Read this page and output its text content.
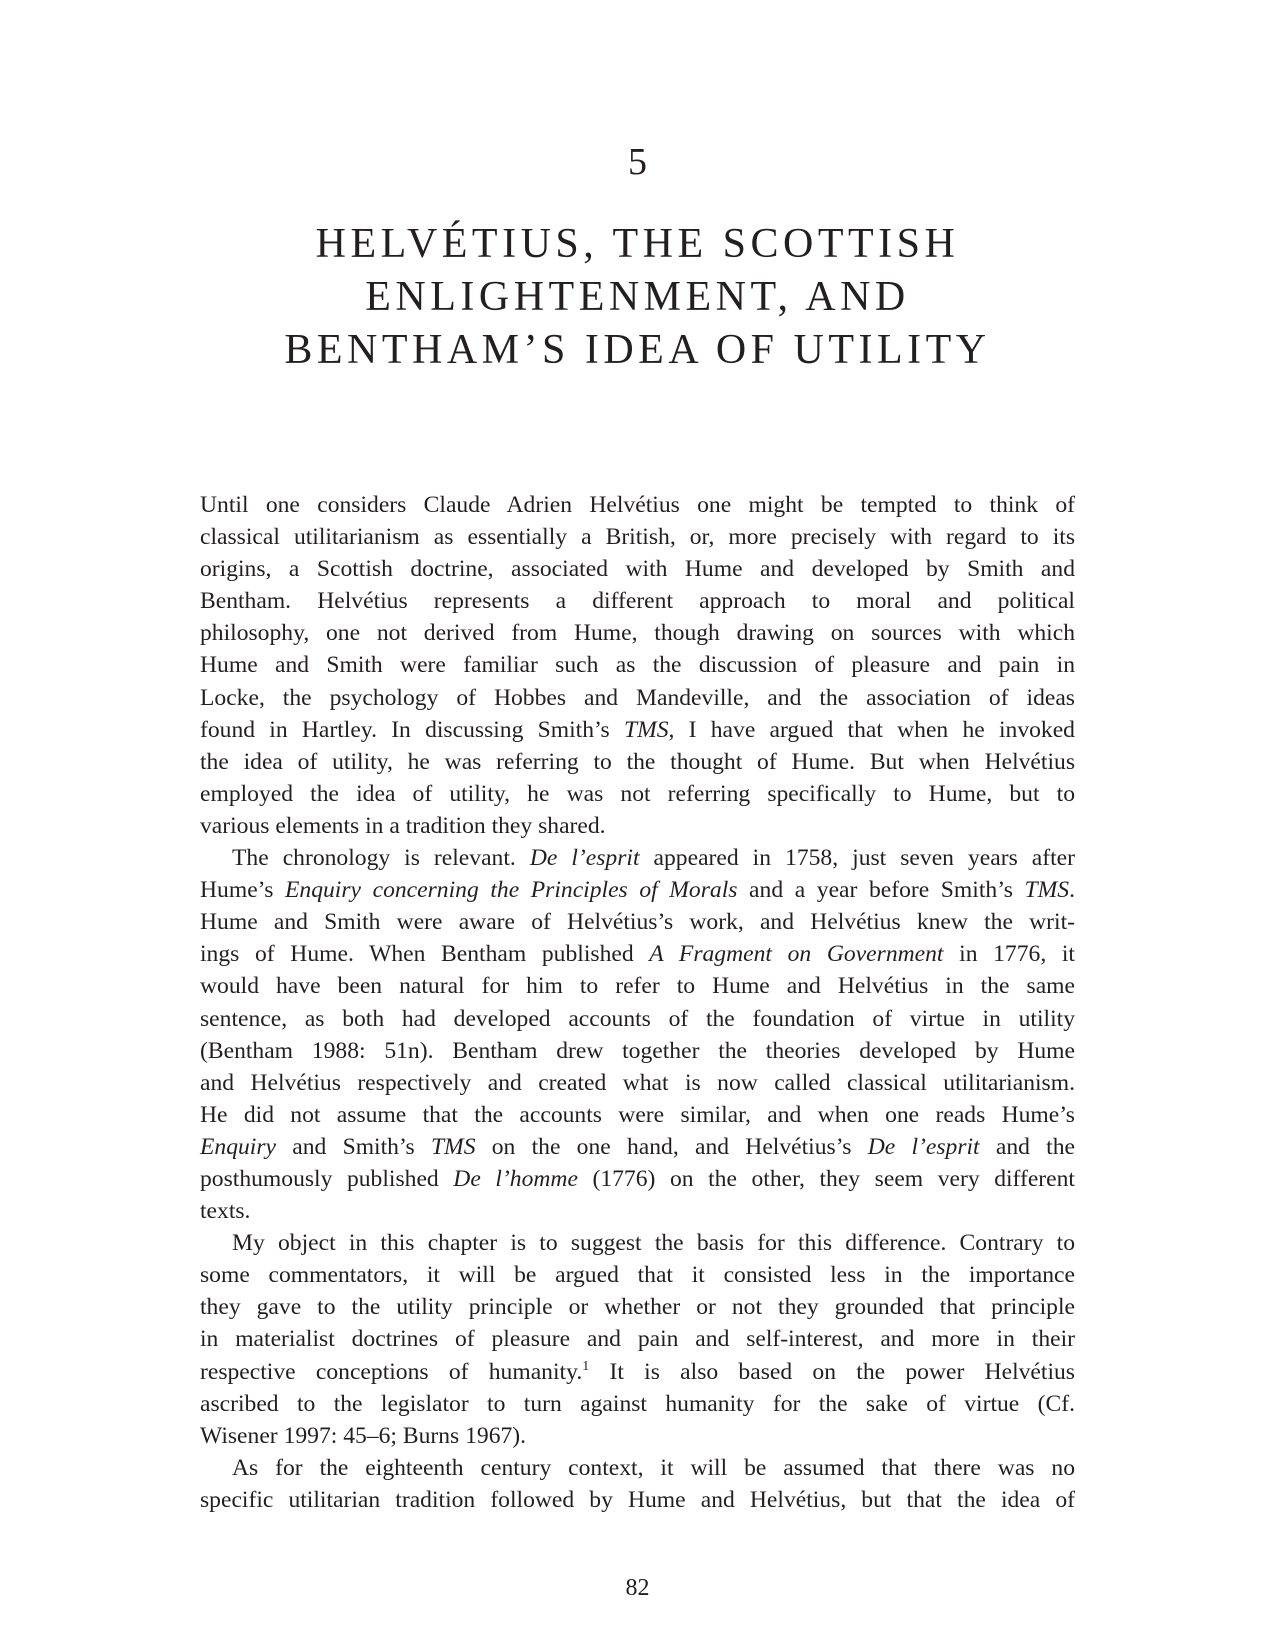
5
HELVÉTIUS, THE SCOTTISH
ENLIGHTENMENT, AND
BENTHAM’S IDEA OF UTILITY

Until one considers Claude Adrien Helvétius one might be tempted to think of
classical utilitarianism as essentially a British, or, more precisely with regard to its
origins, a Scottish doctrine, associated with Hume and developed by Smith and
Bentham. Helvétius represents a different approach to moral and political
philosophy, one not derived from Hume, though drawing on sources with which
Hume and Smith were familiar such as the discussion of pleasure and pain in
Locke, the psychology of Hobbes and Mandeville, and the association of ideas
found in Hartley. In discussing Smith’s TMS, I have argued that when he invoked
the idea of utility, he was referring to the thought of Hume. But when Helvétius
employed the idea of utility, he was not referring specifically to Hume, but to
various elements in a tradition they shared.

The chronology is relevant. De l’esprit appeared in 1758, just seven years after
Hume’s Enquiry concerning the Principles of Morals and a year before Smith’s TMS.
Hume and Smith were aware of Helvétius’s work, and Helvétius knew the writ-
ings of Hume. When Bentham published A Fragment on Government in 1776, it
would have been natural for him to refer to Hume and Helvétius in the same
sentence, as both had developed accounts of the foundation of virtue in utility
(Bentham 1988: 51n). Bentham drew together the theories developed by Hume
and Helvétius respectively and created what is now called classical utilitarianism.
He did not assume that the accounts were similar, and when one reads Hume’s
Enquiry and Smith’s TMS on the one hand, and Helvétius’s De l’esprit and the
posthumously published De l’homme (1776) on the other, they seem very different
texts.

My object in this chapter is to suggest the basis for this difference. Contrary to
some commentators, it will be argued that it consisted less in the importance
they gave to the utility principle or whether or not they grounded that principle
in materialist doctrines of pleasure and pain and self-interest, and more in their
respective conceptions of humanity.$^1$ It is also based on the power Helvétius
ascribed to the legislator to turn against humanity for the sake of virtue (Cf.
Wisener 1997: 45–6; Burns 1967).

As for the eighteenth century context, it will be assumed that there was no
specific utilitarian tradition followed by Hume and Helvétius, but that the idea of

82
